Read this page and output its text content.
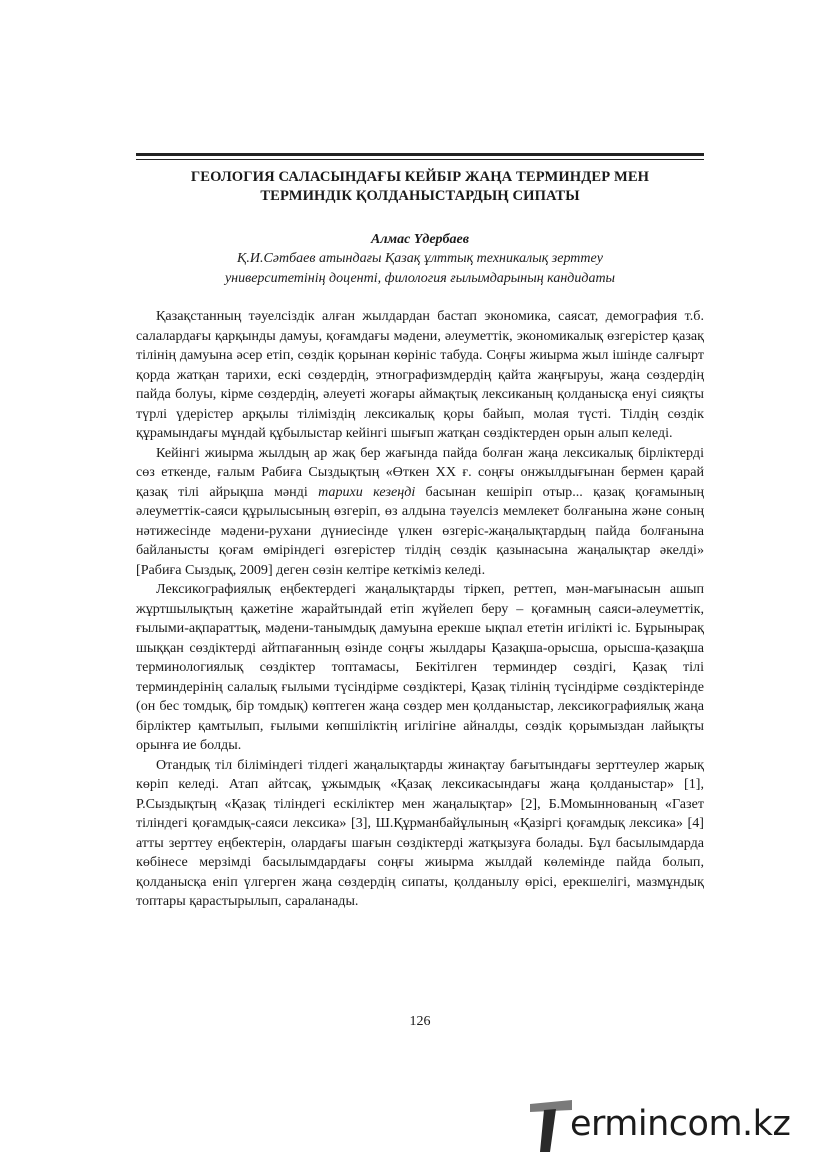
ГЕОЛОГИЯ САЛАСЫНДАҒЫ КЕЙБІР ЖАҢА ТЕРМИНДЕР МЕН
ТЕРМИНДІК ҚОЛДАНЫСТАРДЫҢ СИПАТЫ
Алмас Үдербаев
Қ.И.Сәтбаев атындағы Қазақ ұлттық техникалық зерттеу
университетінің доценті, филология ғылымдарының кандидаты

Қазақстанның тәуелсіздік алған жылдардан бастап экономика, саясат, демография т.б. салалардағы қарқынды дамуы, қоғамдағы мәдени, әлеуметтік, экономикалық өзгерістер қазақ тілінің дамуына әсер етіп, сөздік қорынан көрініс табуда. Соңғы жиырма жыл ішінде салғырт қорда жатқан тарихи, ескі сөздердің, этнографизмдердің қайта жаңғыруы, жаңа сөздердің пайда болуы, кірме сөздердің, әлеуеті жоғары аймақтық лексиканың қолданысқа енуі сияқты түрлі үдерістер арқылы тіліміздің лексикалық қоры байып, молая түсті. Тілдің сөздік құрамындағы мұндай құбылыстар кейінгі шығып жатқан сөздіктерден орын алып келеді.

Кейінгі жиырма жылдың ар жақ бер жағында пайда болған жаңа лексикалық бірліктерді сөз еткенде, ғалым Рабиға Сыздықтың «Өткен ХХ ғ. соңғы онжылдығынан бермен қарай қазақ тілі айрықша мәнді тарихи кезеңді басынан кешіріп отыр... қазақ қоғамының әлеуметтік-саяси құрылысының өзгеріп, өз алдына тәуелсіз мемлекет болғанына және соның нәтижесінде мәдени-рухани дүниесінде үлкен өзгеріс-жаңалықтардың пайда болғанына байланысты қоғам өміріндегі өзгерістер тілдің сөздік қазынасына жаңалықтар әкелді» [Рабиға Сыздық, 2009] деген сөзін келтіре кеткіміз келеді.

Лексикографиялық еңбектердегі жаңалықтарды тіркеп, реттеп, мән-мағынасын ашып жұртшылықтың қажетіне жарайтындай етіп жүйелеп беру – қоғамның саяси-әлеуметтік, ғылыми-ақпараттық, мәдени-танымдық дамуына ерекше ықпал ететін игілікті іс. Бұрынырақ шыққан сөздіктерді айтпағанның өзінде соңғы жылдары Қазақша-орысша, орысша-қазақша терминологиялық сөздіктер топтамасы, Бекітілген терминдер сөздігі, Қазақ тілі терминдерінің салалық ғылыми түсіндірме сөздіктері, Қазақ тілінің түсіндірме сөздіктерінде (он бес томдық, бір томдық) көптеген жаңа сөздер мен қолданыстар, лексикографиялық жаңа бірліктер қамтылып, ғылыми көпшіліктің игілігіне айналды, сөздік қорымыздан лайықты орынға ие болды.

Отандық тіл біліміндегі тілдегі жаңалықтарды жинақтау бағытындағы зерттеулер жарық көріп келеді. Атап айтсақ, ұжымдық «Қазақ лексикасындағы жаңа қолданыстар» [1], Р.Сыздықтың «Қазақ тіліндегі ескіліктер мен жаңалықтар» [2], Б.Момыннованың «Газет тіліндегі қоғамдық-саяси лексика» [3], Ш.Құрманбайұлының «Қазіргі қоғамдық лексика» [4] атты зерттеу еңбектерін, олардағы шағын сөздіктерді жатқызуға болады. Бұл басылымдарда көбінесе мерзімді басылымдардағы соңғы жиырма жылдай көлемінде пайда болып, қолданысқа еніп үлгерген жаңа сөздердің сипаты, қолданылу өрісі, ерекшелігі, мазмұндық топтары қарастырылып, сараланады.

126
ermincom.kz
